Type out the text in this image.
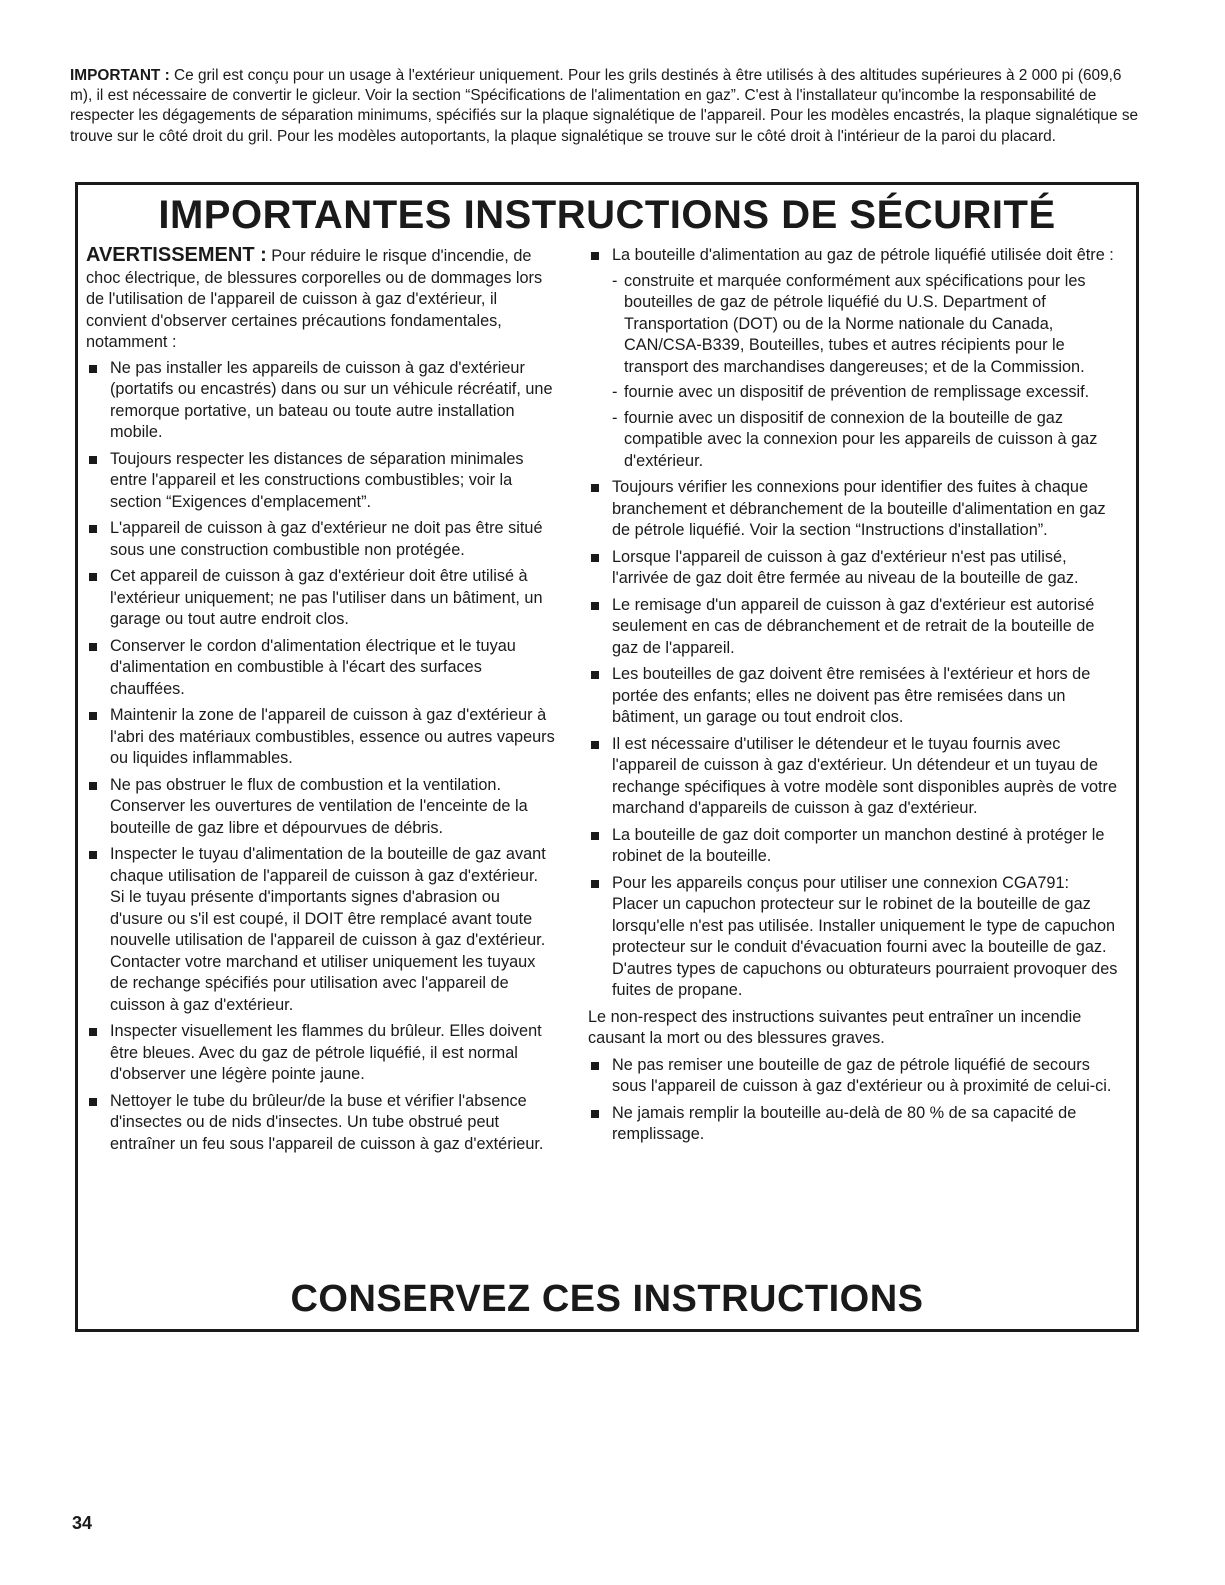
IMPORTANT : Ce gril est conçu pour un usage à l'extérieur uniquement. Pour les grils destinés à être utilisés à des altitudes supérieures à 2 000 pi (609,6 m), il est nécessaire de convertir le gicleur. Voir la section “Spécifications de l'alimentation en gaz”. C'est à l'installateur qu'incombe la responsabilité de respecter les dégagements de séparation minimums, spécifiés sur la plaque signalétique de l'appareil. Pour les modèles encastrés, la plaque signalétique se trouve sur le côté droit du gril. Pour les modèles autoportants, la plaque signalétique se trouve sur le côté droit à l'intérieur de la paroi du placard.
IMPORTANTES INSTRUCTIONS DE SÉCURITÉ

AVERTISSEMENT : Pour réduire le risque d'incendie, de choc électrique, de blessures corporelles ou de dommages lors de l'utilisation de l'appareil de cuisson à gaz d'extérieur, il convient d'observer certaines précautions fondamentales, notamment :

Ne pas installer les appareils de cuisson à gaz d'extérieur (portatifs ou encastrés) dans ou sur un véhicule récréatif, une remorque portative, un bateau ou toute autre installation mobile.
Toujours respecter les distances de séparation minimales entre l'appareil et les constructions combustibles; voir la section “Exigences d'emplacement”.
L'appareil de cuisson à gaz d'extérieur ne doit pas être situé sous une construction combustible non protégée.
Cet appareil de cuisson à gaz d'extérieur doit être utilisé à l'extérieur uniquement; ne pas l'utiliser dans un bâtiment, un garage ou tout autre endroit clos.
Conserver le cordon d'alimentation électrique et le tuyau d'alimentation en combustible à l'écart des surfaces chauffées.
Maintenir la zone de l'appareil de cuisson à gaz d'extérieur à l'abri des matériaux combustibles, essence ou autres vapeurs ou liquides inflammables.
Ne pas obstruer le flux de combustion et la ventilation. Conserver les ouvertures de ventilation de l'enceinte de la bouteille de gaz libre et dépourvues de débris.
Inspecter le tuyau d'alimentation de la bouteille de gaz avant chaque utilisation de l'appareil de cuisson à gaz d'extérieur. Si le tuyau présente d'importants signes d'abrasion ou d'usure ou s'il est coupé, il DOIT être remplacé avant toute nouvelle utilisation de l'appareil de cuisson à gaz d'extérieur. Contacter votre marchand et utiliser uniquement les tuyaux de rechange spécifiés pour utilisation avec l'appareil de cuisson à gaz d'extérieur.
Inspecter visuellement les flammes du brûleur. Elles doivent être bleues. Avec du gaz de pétrole liquéfié, il est normal d'observer une légère pointe jaune.
Nettoyer le tube du brûleur/de la buse et vérifier l'absence d'insectes ou de nids d'insectes. Un tube obstrué peut entraîner un feu sous l'appareil de cuisson à gaz d'extérieur.
La bouteille d'alimentation au gaz de pétrole liquéfié utilisée doit être :
- construite et marquée conformément aux spécifications pour les bouteilles de gaz de pétrole liquéfié du U.S. Department of Transportation (DOT) ou de la Norme nationale du Canada, CAN/CSA-B339, Bouteilles, tubes et autres récipients pour le transport des marchandises dangereuses; et de la Commission.
- fournie avec un dispositif de prévention de remplissage excessif.
- fournie avec un dispositif de connexion de la bouteille de gaz compatible avec la connexion pour les appareils de cuisson à gaz d'extérieur.
Toujours vérifier les connexions pour identifier des fuites à chaque branchement et débranchement de la bouteille d'alimentation en gaz de pétrole liquéfié. Voir la section “Instructions d'installation”.
Lorsque l'appareil de cuisson à gaz d'extérieur n'est pas utilisé, l'arrivée de gaz doit être fermée au niveau de la bouteille de gaz.
Le remisage d'un appareil de cuisson à gaz d'extérieur est autorisé seulement en cas de débranchement et de retrait de la bouteille de gaz de l'appareil.
Les bouteilles de gaz doivent être remisées à l'extérieur et hors de portée des enfants; elles ne doivent pas être remisées dans un bâtiment, un garage ou tout endroit clos.
Il est nécessaire d'utiliser le détendeur et le tuyau fournis avec l'appareil de cuisson à gaz d'extérieur. Un détendeur et un tuyau de rechange spécifiques à votre modèle sont disponibles auprès de votre marchand d'appareils de cuisson à gaz d'extérieur.
La bouteille de gaz doit comporter un manchon destiné à protéger le robinet de la bouteille.
Pour les appareils conçus pour utiliser une connexion CGA791: Placer un capuchon protecteur sur le robinet de la bouteille de gaz lorsqu'elle n'est pas utilisée. Installer uniquement le type de capuchon protecteur sur le conduit d'évacuation fourni avec la bouteille de gaz. D'autres types de capuchons ou obturateurs pourraient provoquer des fuites de propane.

Le non-respect des instructions suivantes peut entraîner un incendie causant la mort ou des blessures graves.

Ne pas remiser une bouteille de gaz de pétrole liquéfié de secours sous l'appareil de cuisson à gaz d'extérieur ou à proximité de celui-ci.
Ne jamais remplir la bouteille au-delà de 80 % de sa capacité de remplissage.
CONSERVEZ CES INSTRUCTIONS
34
